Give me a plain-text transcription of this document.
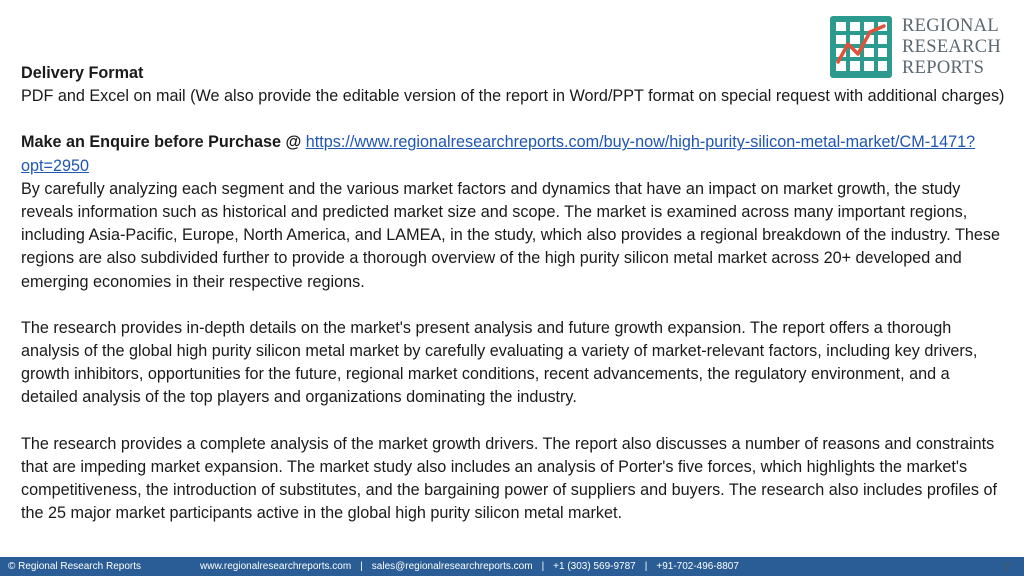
REGIONAL
RESEARCH
REPORTS

Delivery Format

PDF and Excel on mail (We also provide the editable version of the report in Word/PPT format on special request with additional charges)

Make an Enquire before Purchase @ https://www.regionalresearchreports.com/buy-now/high-purity-silicon-metal-market/CM-1471?opt=2950

By carefully analyzing each segment and the various market factors and dynamics that have an impact on market growth, the study reveals information such as historical and predicted market size and scope. The market is examined across many important regions, including Asia-Pacific, Europe, North America, and LAMEA, in the study, which also provides a regional breakdown of the industry. These regions are also subdivided further to provide a thorough overview of the high purity silicon metal market across 20+ developed and emerging economies in their respective regions.

The research provides in-depth details on the market's present analysis and future growth expansion. The report offers a thorough analysis of the global high purity silicon metal market by carefully evaluating a variety of market-relevant factors, including key drivers, growth inhibitors, opportunities for the future, regional market conditions, recent advancements, the regulatory environment, and a detailed analysis of the top players and organizations dominating the industry.

The research provides a complete analysis of the market growth drivers. The report also discusses a number of reasons and constraints that are impeding market expansion. The market study also includes an analysis of Porter's five forces, which highlights the market's competitiveness, the introduction of substitutes, and the bargaining power of suppliers and buyers. The research also includes profiles of the 25 major market participants active in the global high purity silicon metal market.

© Regional Research Reports	www.regionalresearchreports.com | sales@regionalresearchreports.com | +1 (303) 569-9787 | +91-702-496-8807	7
